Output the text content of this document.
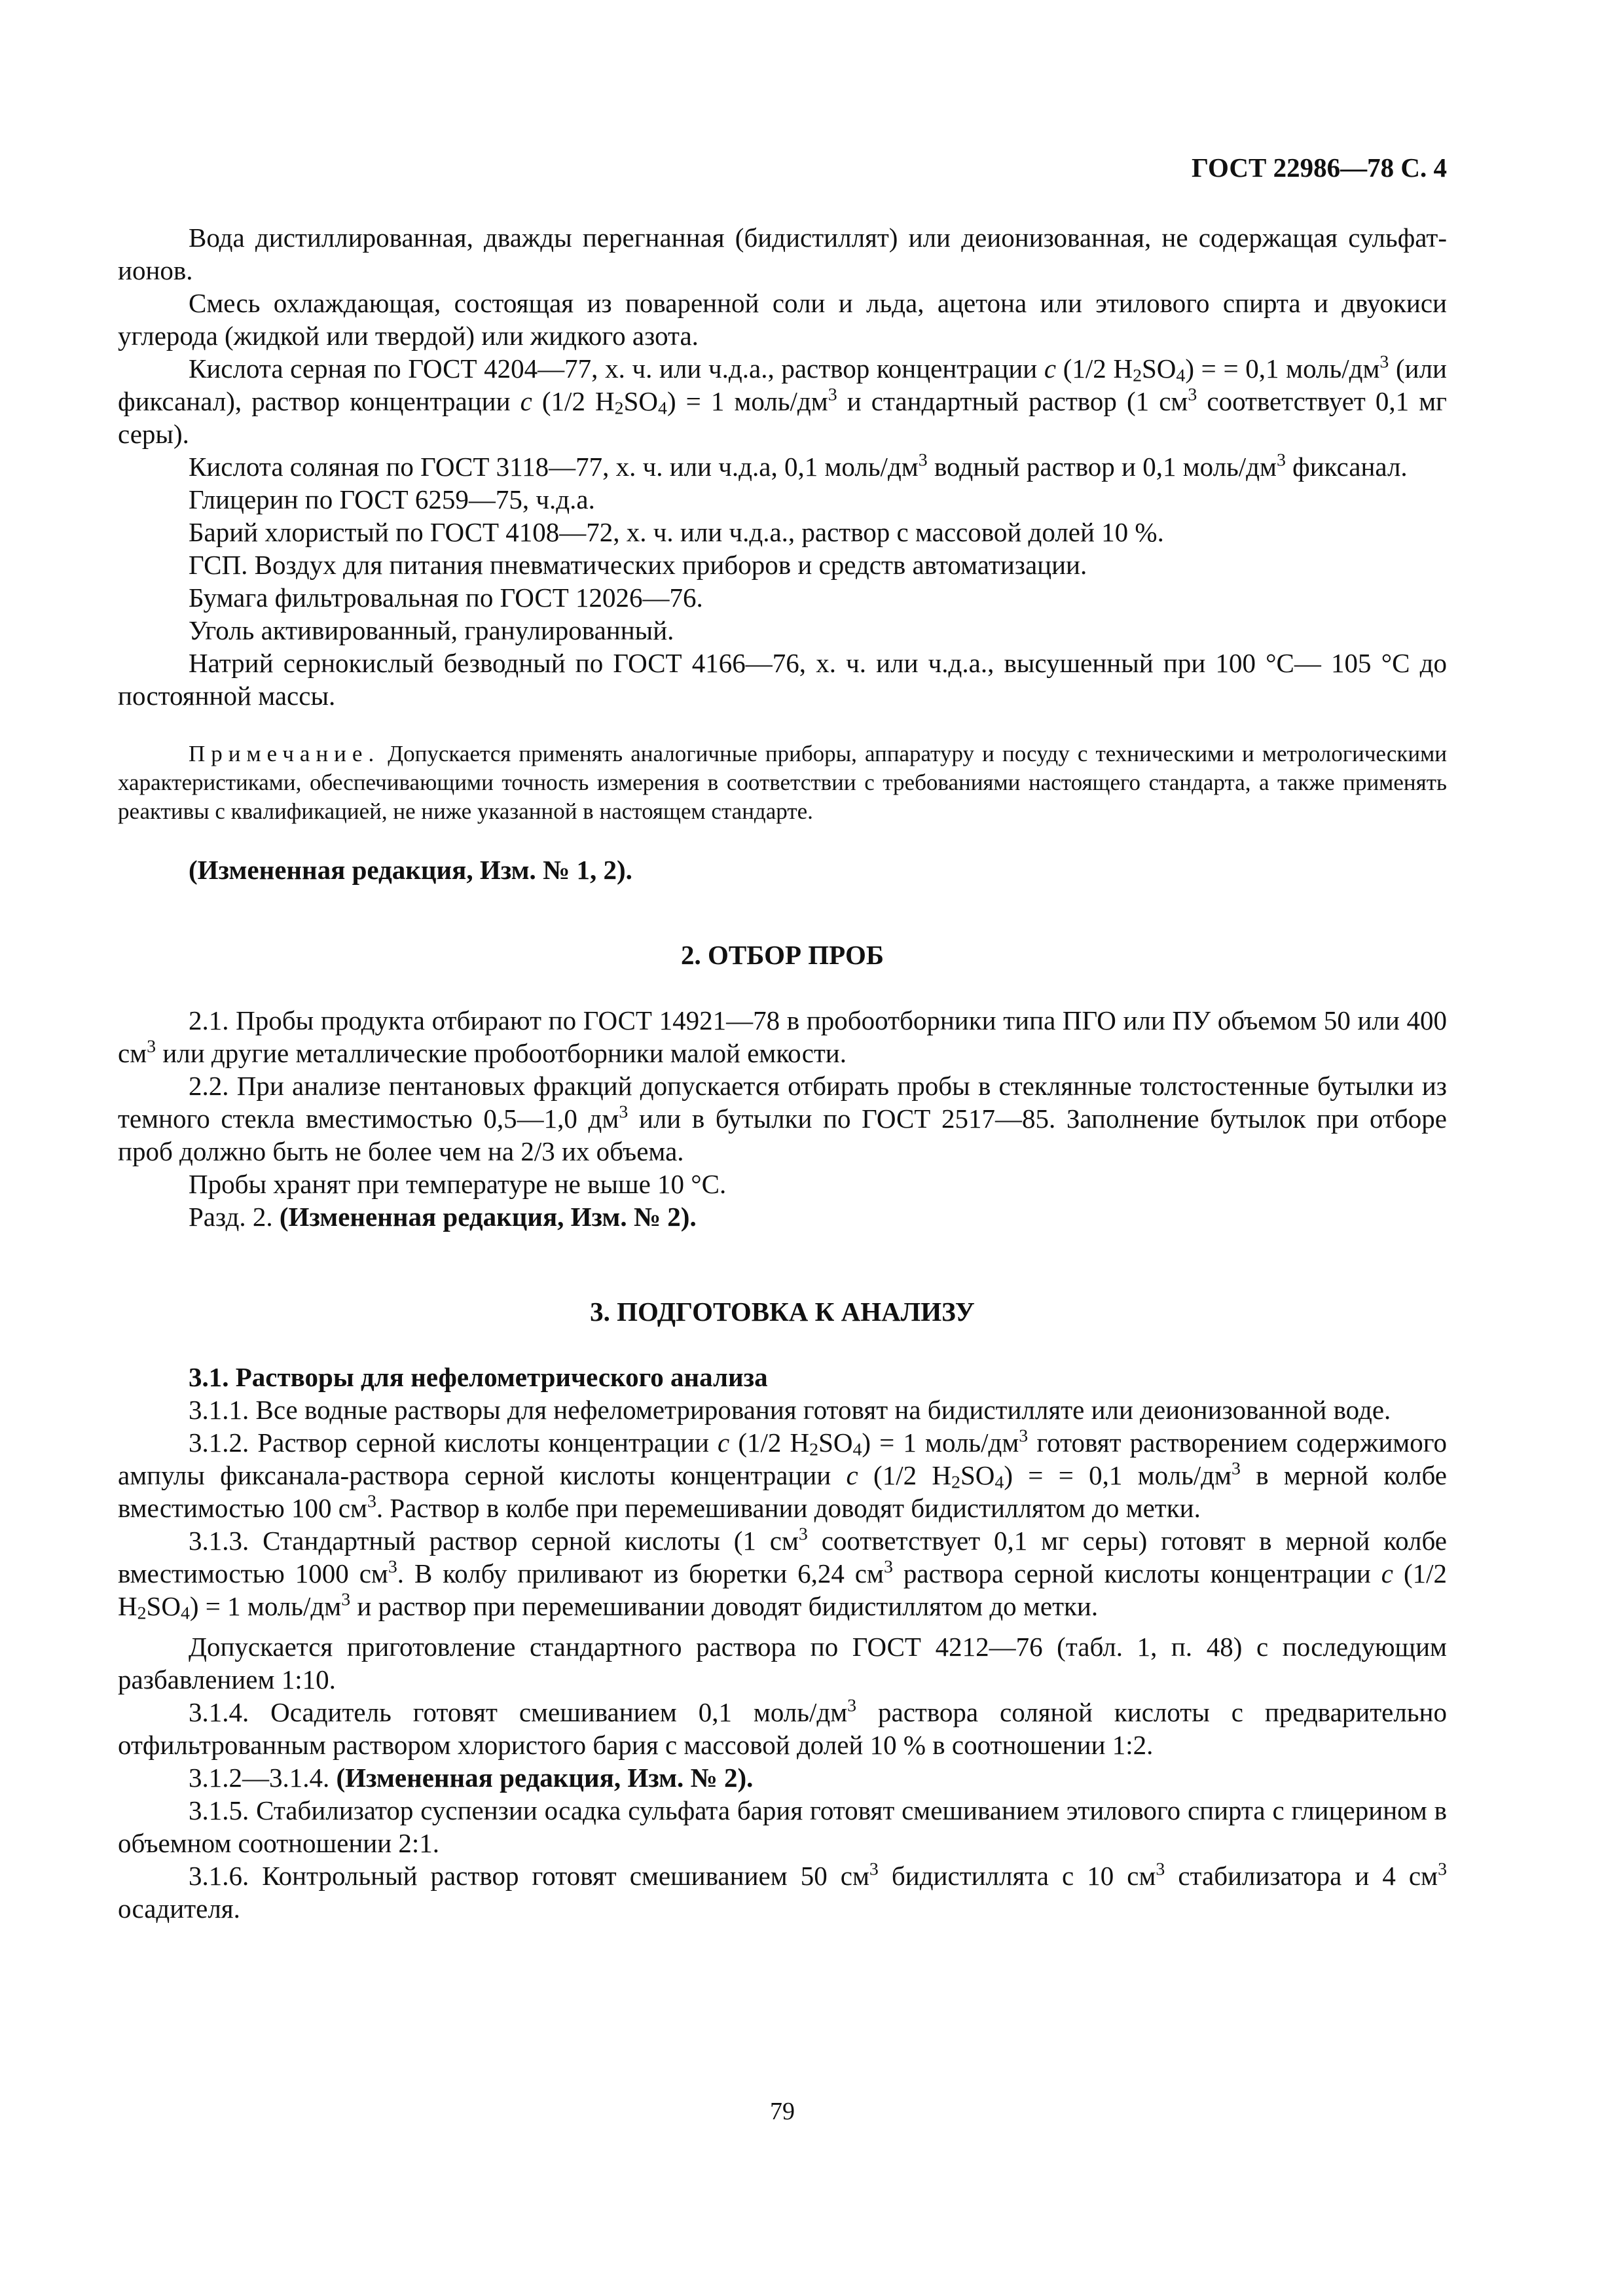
ГОСТ 22986—78 С. 4

Вода дистиллированная, дважды перегнанная (бидистиллят) или деионизованная, не содержащая сульфат-ионов.

Смесь охлаждающая, состоящая из поваренной соли и льда, ацетона или этилового спирта и двуокиси углерода (жидкой или твердой) или жидкого азота.

Кислота серная по ГОСТ 4204—77, х. ч. или ч.д.а., раствор концентрации с (1/2 $H_2SO_4$) = = 0,1 моль/$дм^3$ (или фиксанал), раствор концентрации с (1/2 $H_2SO_4) = 1$ моль/$дм^3$ и стандартный раствор (1 $см^3$ соответствует 0,1 мг серы).

Кислота соляная по ГОСТ 3118—77, х. ч. или ч.д.а, 0,1 моль/$дм^3$ водный раствор и 0,1 моль/$дм^3$ фиксанал.

Глицерин по ГОСТ 6259—75, ч.д.а.

Барий хлористый по ГОСТ 4108—72, х. ч. или ч.д.а., раствор с массовой долей 10 %.

ГСП. Воздух для питания пневматических приборов и средств автоматизации.

Бумага фильтровальная по ГОСТ 12026—76.

Уголь активированный, гранулированный.

Натрий сернокислый безводный по ГОСТ 4166—76, х. ч. или ч.д.а., высушенный при 100 °С— 105 °С до постоянной массы.

Примечание. Допускается применять аналогичные приборы, аппаратуру и посуду с техническими и метрологическими характеристиками, обеспечивающими точность измерения в соответствии с требованиями настоящего стандарта, а также применять реактивы с квалификацией, не ниже указанной в настоящем стандарте.

(Измененная редакция, Изм. № 1, 2).

2. ОТБОР ПРОБ

2.1. Пробы продукта отбирают по ГОСТ 14921—78 в пробоотборники типа ПГО или ПУ объемом 50 или 400 $см^3$ или другие металлические пробоотборники малой емкости.

2.2. При анализе пентановых фракций допускается отбирать пробы в стеклянные толстостенные бутылки из темного стекла вместимостью 0,5—1,0 $дм^3$ или в бутылки по ГОСТ 2517—85. Заполнение бутылок при отборе проб должно быть не более чем на 2/3 их объема.

Пробы хранят при температуре не выше 10 °С.

Разд. 2. (Измененная редакция, Изм. № 2).

3. ПОДГОТОВКА К АНАЛИЗУ

3.1. Растворы для нефелометрического анализа

3.1.1. Все водные растворы для нефелометрирования готовят на бидистилляте или деионизованной воде.

3.1.2. Раствор серной кислоты концентрации с (1/2 $H_2SO_4) = 1$ моль/$дм^3$ готовят растворением содержимого ампулы фиксанала-раствора серной кислоты концентрации с (1/2 $H_2SO_4$) = = 0,1 моль/$дм^3$ в мерной колбе вместимостью 100 $см^3$. Раствор в колбе при перемешивании доводят бидистиллятом до метки.

3.1.3. Стандартный раствор серной кислоты (1 $см^3$ соответствует 0,1 мг серы) готовят в мерной колбе вместимостью 1000 $см^3$. В колбу приливают из бюретки 6,24 $см^3$ раствора серной кислоты концентрации с (1/2 $H_2SO_4) = 1$ моль/$дм^3$ и раствор при перемешивании доводят бидистиллятом до метки.

Допускается приготовление стандартного раствора по ГОСТ 4212—76 (табл. 1, п. 48) с последующим разбавлением 1:10.

3.1.4. Осадитель готовят смешиванием 0,1 моль/$дм^3$ раствора соляной кислоты с предварительно отфильтрованным раствором хлористого бария с массовой долей 10 % в соотношении 1:2.

3.1.2—3.1.4. (Измененная редакция, Изм. № 2).

3.1.5. Стабилизатор суспензии осадка сульфата бария готовят смешиванием этилового спирта с глицерином в объемном соотношении 2:1.

3.1.6. Контрольный раствор готовят смешиванием 50 $см^3$ бидистиллята с 10 $см^3$ стабилизатора и 4 $см^3$ осадителя.

79
